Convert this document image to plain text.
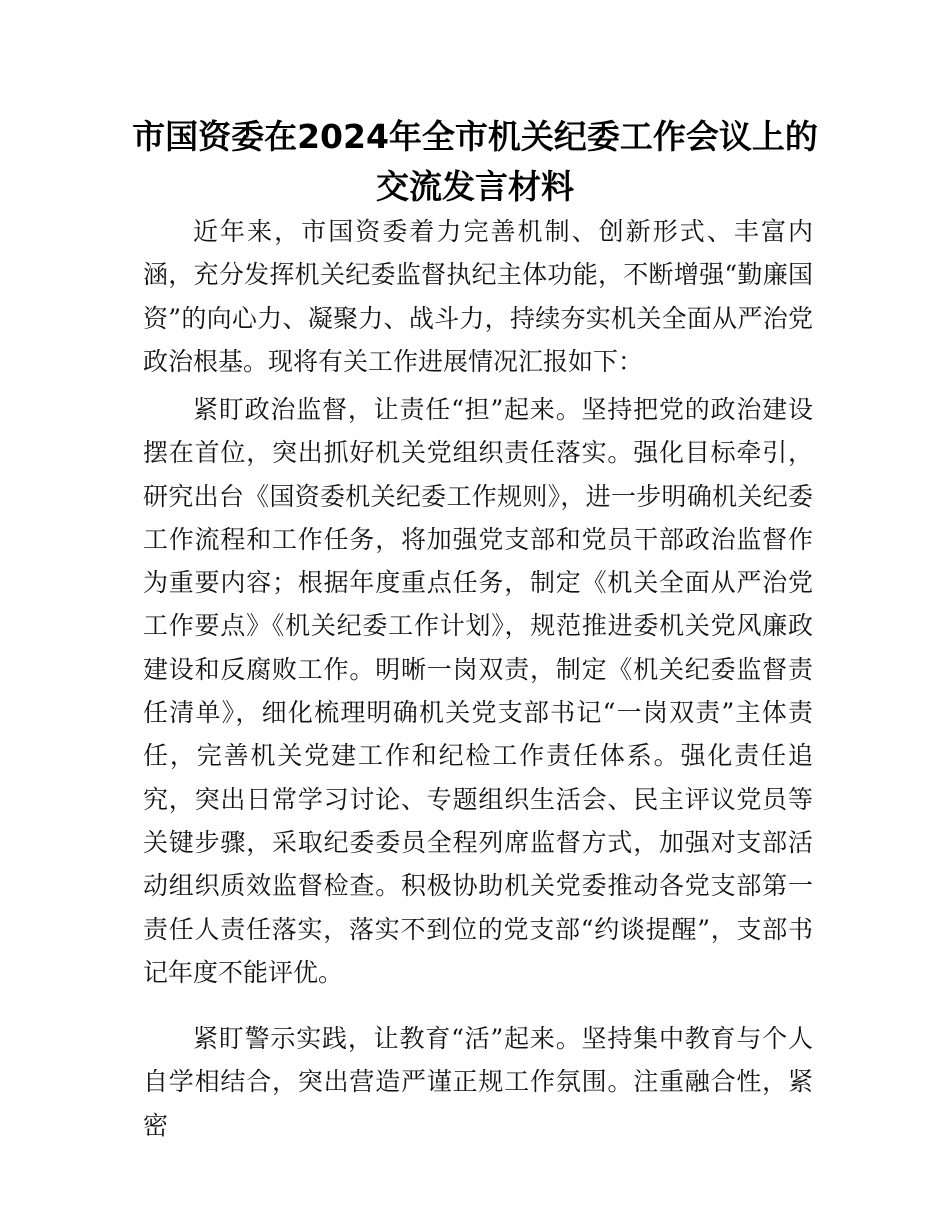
市国资委在2024年全市机关纪委工作会议上的
交流发言材料

近年来，市国资委着力完善机制、创新形式、丰富内涵，充分发挥机关纪委监督执纪主体功能，不断增强“勤廉国资”的向心力、凝聚力、战斗力，持续夯实机关全面从严治党政治根基。现将有关工作进展情况汇报如下：

紧盯政治监督，让责任“担”起来。坚持把党的政治建设摆在首位，突出抓好机关党组织责任落实。强化目标牵引，研究出台《国资委机关纪委工作规则》，进一步明确机关纪委工作流程和工作任务，将加强党支部和党员干部政治监督作为重要内容；根据年度重点任务，制定《机关全面从严治党工作要点》《机关纪委工作计划》，规范推进委机关党风廉政建设和反腐败工作。明晰一岗双责，制定《机关纪委监督责任清单》，细化梳理明确机关党支部书记“一岗双责”主体责任，完善机关党建工作和纪检工作责任体系。强化责任追究，突出日常学习讨论、专题组织生活会、民主评议党员等关键步骤，采取纪委委员全程列席监督方式，加强对支部活动组织质效监督检查。积极协助机关党委推动各党支部第一责任人责任落实，落实不到位的党支部“约谈提醒”，支部书记年度不能评优。

紧盯警示实践，让教育“活”起来。坚持集中教育与个人自学相结合，突出营造严谨正规工作氛围。注重融合性，紧密
